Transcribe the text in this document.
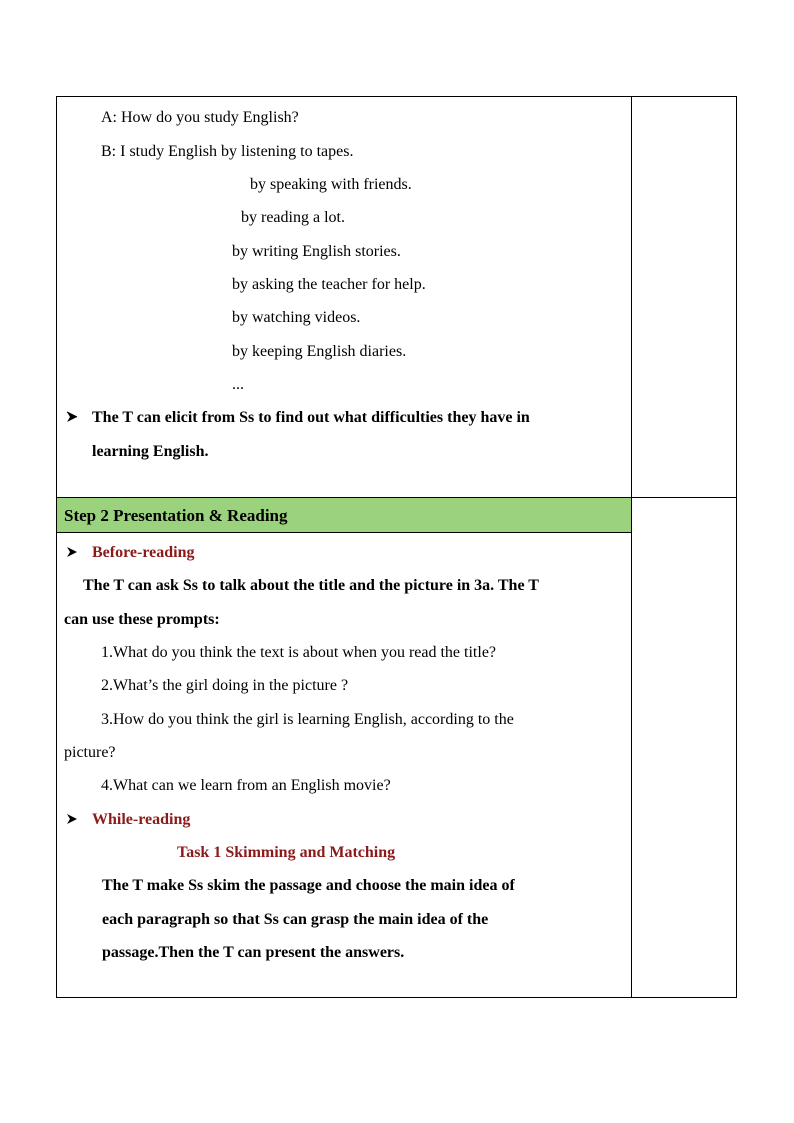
A: How do you study English?
B: I study English by listening to tapes.
by speaking with friends.
by reading a lot.
by writing English stories.
by asking the teacher for help.
by watching videos.
by keeping English diaries.
...
The T can elicit from Ss to find out what difficulties they have in
learning English.
Step 2 Presentation & Reading
Before-reading
The T can ask Ss to talk about the title and the picture in 3a. The T
can use these prompts:
1.What do you think the text is about when you read the title?
2.What’s the girl doing in the picture ?
3.How do you think the girl is learning English, according to the
picture?
4.What can we learn from an English movie?
While-reading
Task 1 Skimming and Matching
The T make Ss skim the passage and choose the main idea of
each paragraph so that Ss can grasp the main idea of the
passage.Then the T can present the answers.
